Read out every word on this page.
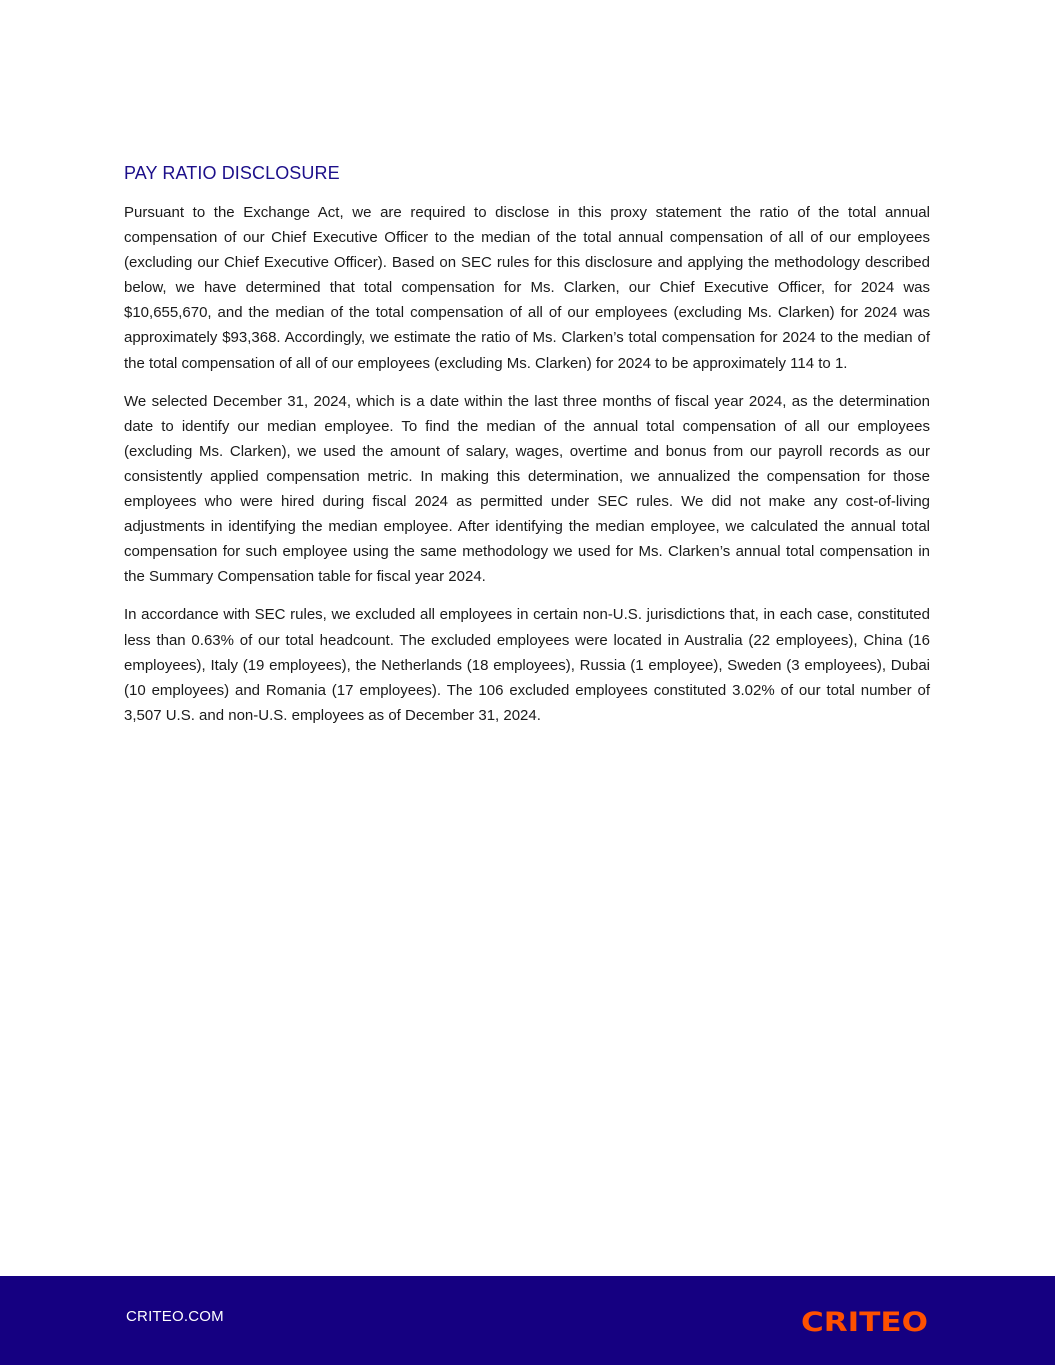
PAY RATIO DISCLOSURE

Pursuant to the Exchange Act, we are required to disclose in this proxy statement the ratio of the total annual compensation of our Chief Executive Officer to the median of the total annual compensation of all of our employees (excluding our Chief Executive Officer). Based on SEC rules for this disclosure and applying the methodology described below, we have determined that total compensation for Ms. Clarken, our Chief Executive Officer, for 2024 was $10,655,670, and the median of the total compensation of all of our employees (excluding Ms. Clarken) for 2024 was approximately $93,368. Accordingly, we estimate the ratio of Ms. Clarken’s total compensation for 2024 to the median of the total compensation of all of our employees (excluding Ms. Clarken) for 2024 to be approximately 114 to 1.

We selected December 31, 2024, which is a date within the last three months of fiscal year 2024, as the determination date to identify our median employee. To find the median of the annual total compensation of all our employees (excluding Ms. Clarken), we used the amount of salary, wages, overtime and bonus from our payroll records as our consistently applied compensation metric. In making this determination, we annualized the compensation for those employees who were hired during fiscal 2024 as permitted under SEC rules. We did not make any cost-of-living adjustments in identifying the median employee. After identifying the median employee, we calculated the annual total compensation for such employee using the same methodology we used for Ms. Clarken’s annual total compensation in the Summary Compensation table for fiscal year 2024.

In accordance with SEC rules, we excluded all employees in certain non-U.S. jurisdictions that, in each case, constituted less than 0.63% of our total headcount. The excluded employees were located in Australia (22 employees), China (16 employees), Italy (19 employees), the Netherlands (18 employees), Russia (1 employee), Sweden (3 employees), Dubai (10 employees) and Romania (17 employees). The 106 excluded employees constituted 3.02% of our total number of 3,507 U.S. and non-U.S. employees as of December 31, 2024.

CRITEO.COM	CRITEO
